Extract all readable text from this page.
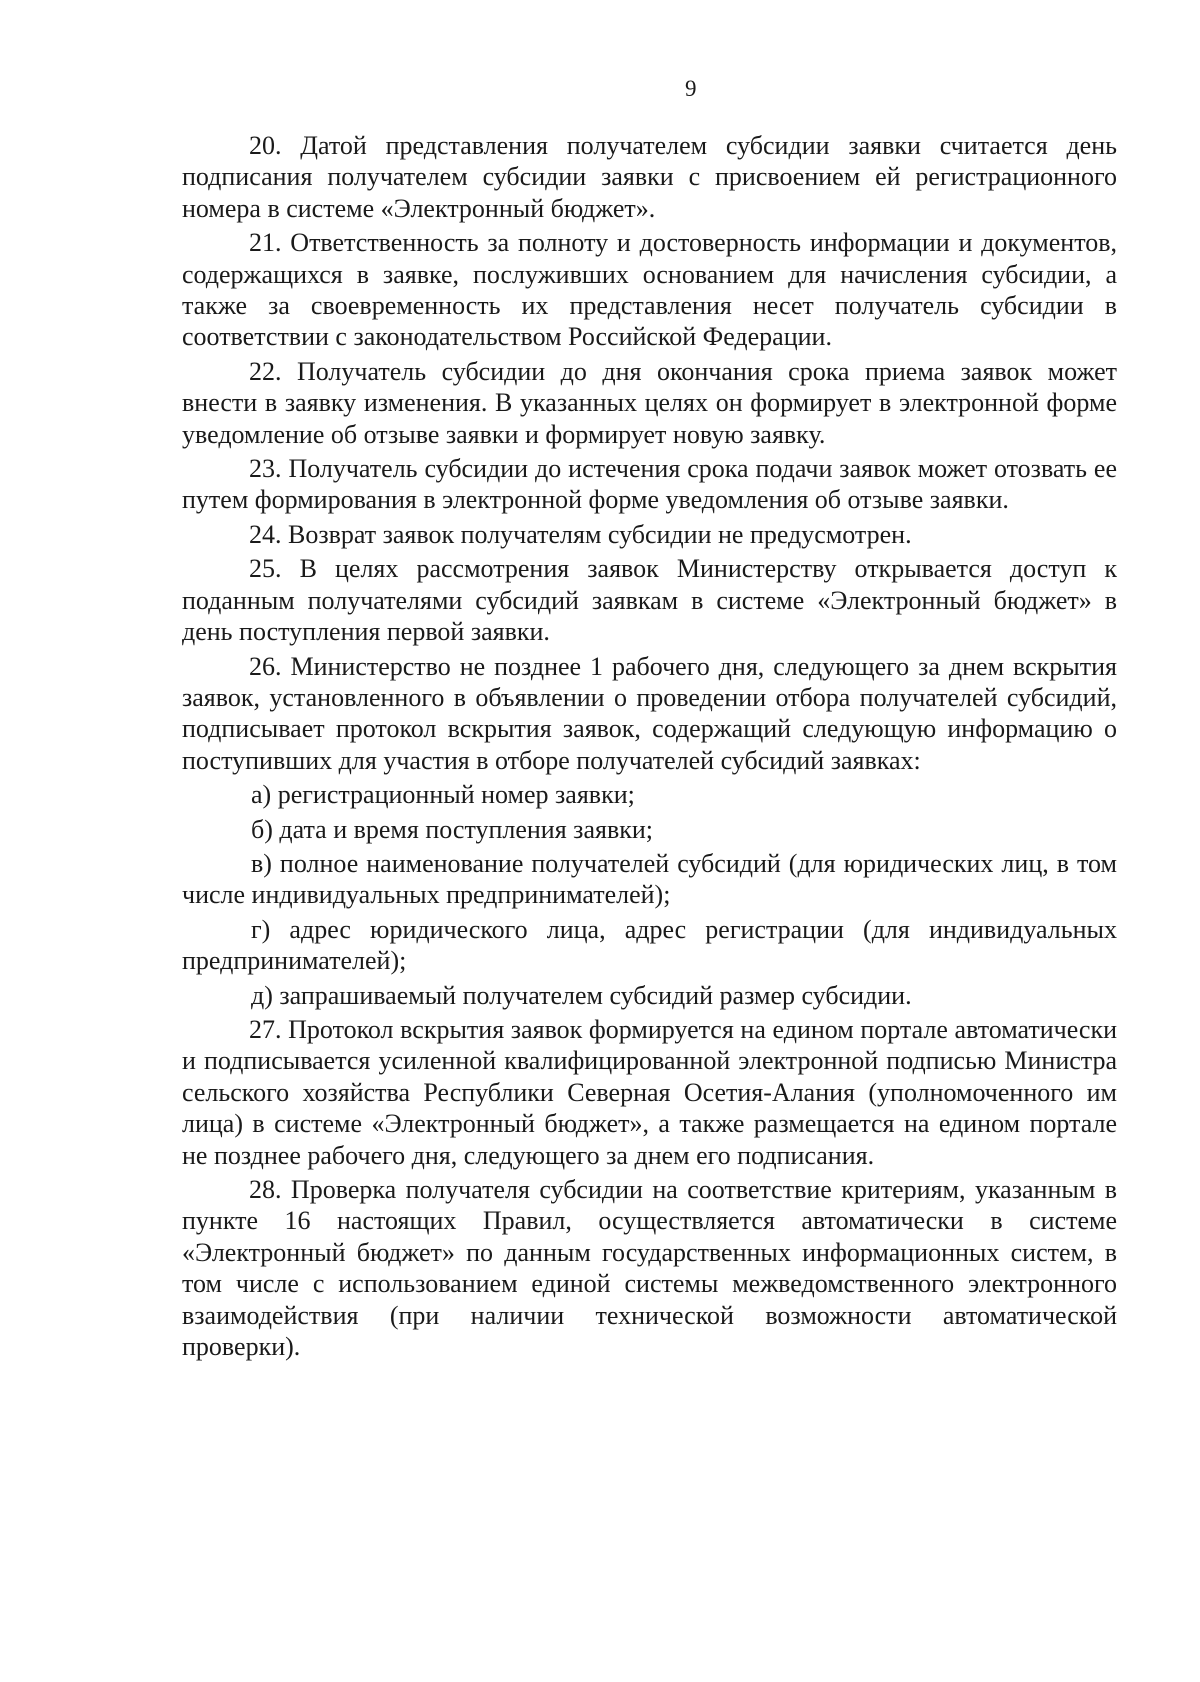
9

20. Датой представления получателем субсидии заявки считается день подписания получателем субсидии заявки с присвоением ей регистрационного номера в системе «Электронный бюджет».

21. Ответственность за полноту и достоверность информации и документов, содержащихся в заявке, послуживших основанием для начисления субсидии, а также за своевременность их представления несет получатель субсидии в соответствии с законодательством Российской Федерации.

22. Получатель субсидии до дня окончания срока приема заявок может внести в заявку изменения. В указанных целях он формирует в электронной форме уведомление об отзыве заявки и формирует новую заявку.

23. Получатель субсидии до истечения срока подачи заявок может отозвать ее путем формирования в электронной форме уведомления об отзыве заявки.

24. Возврат заявок получателям субсидии не предусмотрен.

25. В целях рассмотрения заявок Министерству открывается доступ к поданным получателями субсидий заявкам в системе «Электронный бюджет» в день поступления первой заявки.

26. Министерство не позднее 1 рабочего дня, следующего за днем вскрытия заявок, установленного в объявлении о проведении отбора получателей субсидий, подписывает протокол вскрытия заявок, содержащий следующую информацию о поступивших для участия в отборе получателей субсидий заявках:

а) регистрационный номер заявки;

б) дата и время поступления заявки;

в) полное наименование получателей субсидий (для юридических лиц, в том числе индивидуальных предпринимателей);

г) адрес юридического лица, адрес регистрации (для индивидуальных предпринимателей);

д) запрашиваемый получателем субсидий размер субсидии.

27. Протокол вскрытия заявок формируется на едином портале автоматически и подписывается усиленной квалифицированной электронной подписью Министра сельского хозяйства Республики Северная Осетия-Алания (уполномоченного им лица) в системе «Электронный бюджет», а также размещается на едином портале не позднее рабочего дня, следующего за днем его подписания.

28. Проверка получателя субсидии на соответствие критериям, указанным в пункте 16 настоящих Правил, осуществляется автоматически в системе «Электронный бюджет» по данным государственных информационных систем, в том числе с использованием единой системы межведомственного электронного взаимодействия (при наличии технической возможности автоматической проверки).
